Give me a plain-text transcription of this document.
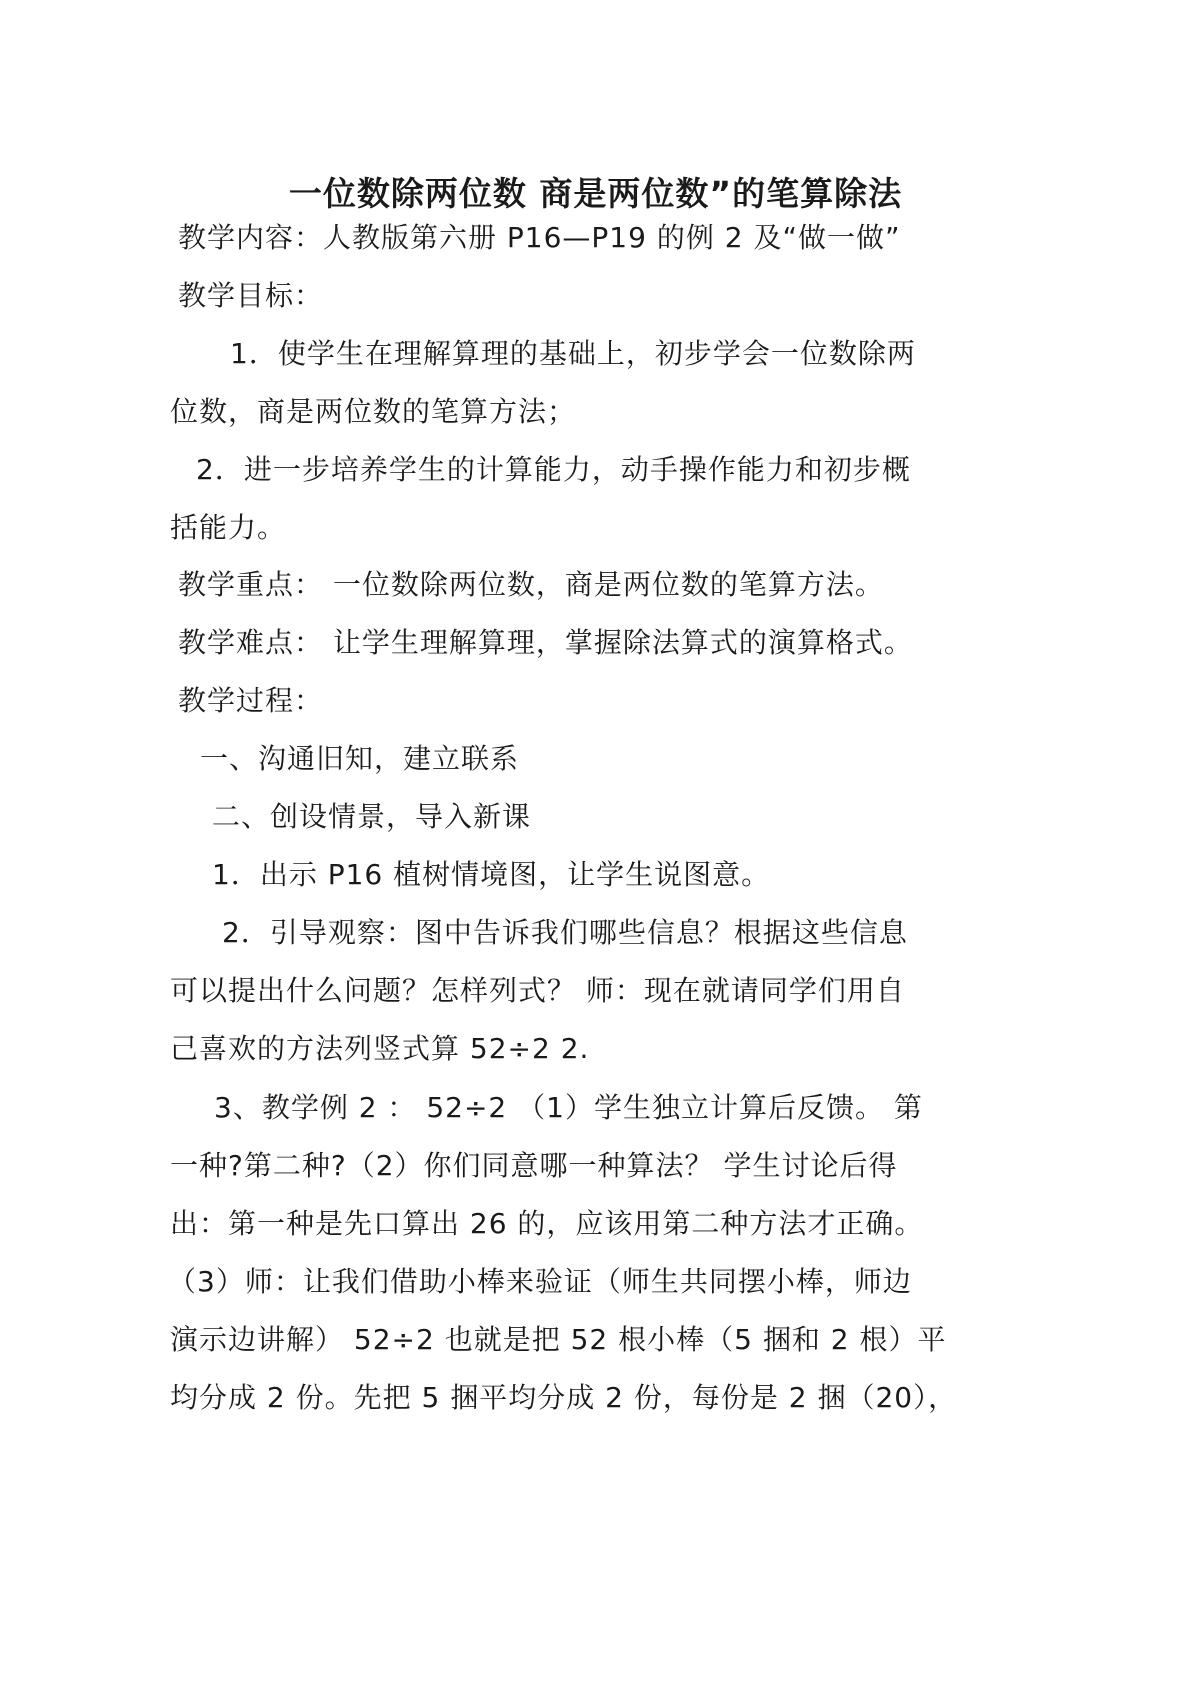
一位数除两位数 商是两位数”的笔算除法
教学内容：人教版第六册 P16—P19 的例 2 及“做一做”
教学目标：
1．使学生在理解算理的基础上，初步学会一位数除两
位数，商是两位数的笔算方法；
2．进一步培养学生的计算能力，动手操作能力和初步概
括能力。
教学重点： 一位数除两位数，商是两位数的笔算方法。
教学难点： 让学生理解算理，掌握除法算式的演算格式。
教学过程：
一、沟通旧知，建立联系
二、创设情景，导入新课
1．出示 P16 植树情境图，让学生说图意。
2．引导观察：图中告诉我们哪些信息？根据这些信息
可以提出什么问题？怎样列式？ 师：现在就请同学们用自
己喜欢的方法列竖式算 52÷2 2.
3、教学例 2 ： 52÷2 （1）学生独立计算后反馈。 第
一种?第二种?（2）你们同意哪一种算法？ 学生讨论后得
出：第一种是先口算出 26 的，应该用第二种方法才正确。
（3）师：让我们借助小棒来验证（师生共同摆小棒，师边
演示边讲解） 52÷2 也就是把 52 根小棒（5 捆和 2 根）平
均分成 2 份。先把 5 捆平均分成 2 份，每份是 2 捆（20），
